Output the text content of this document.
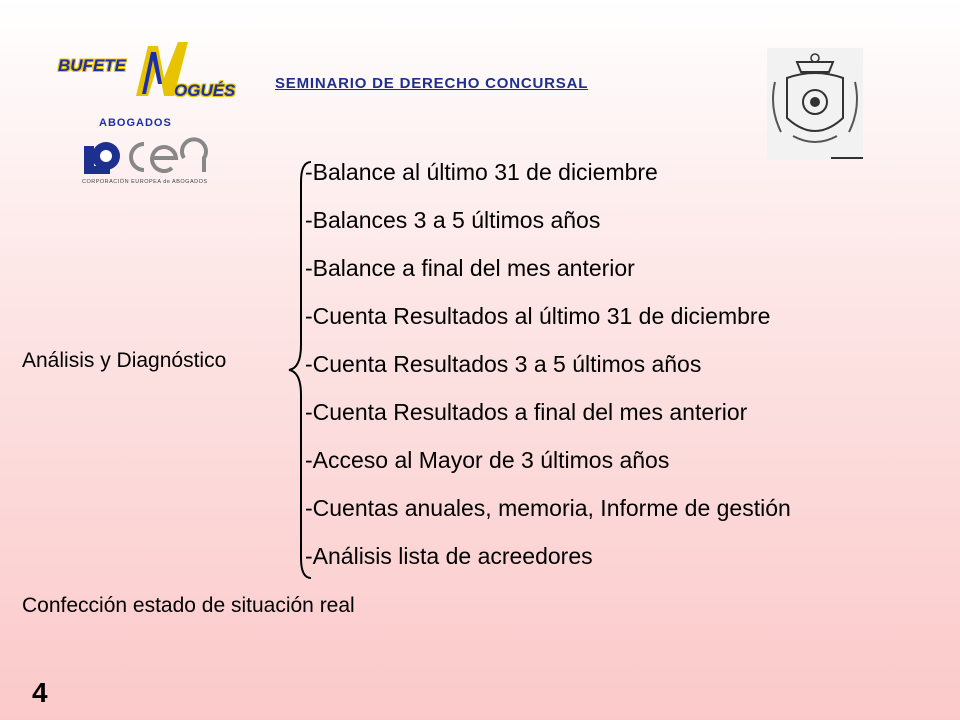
BUFETE
OGUÉS
ABOGADOS
CORPORACIÓN EUROPEA de ABOGADOS
SEMINARIO DE DERECHO CONCURSAL
Análisis y Diagnóstico
Confección estado de situación real
-Balance al último 31 de diciembre
-Balances 3 a 5 últimos años
-Balance a final del mes anterior
-Cuenta Resultados al último 31 de diciembre
-Cuenta Resultados 3 a 5 últimos años
-Cuenta Resultados a final del mes anterior
-Acceso al Mayor de 3 últimos años
-Cuentas anuales, memoria, Informe de gestión
-Análisis lista de acreedores
4
